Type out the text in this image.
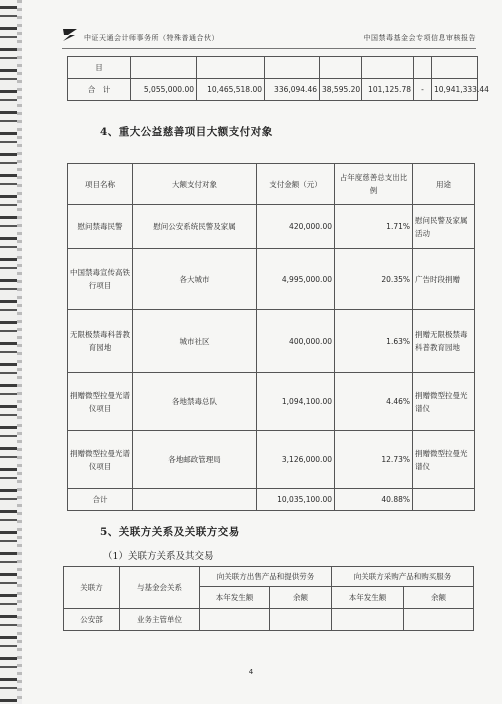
中证天通会计师事务所（特殊普通合伙）	中国禁毒基金会专项信息审核报告
目							
合　计	5,055,000.00	10,465,518.00	336,094.46	38,595.20	101,125.78	-	10,941,333.44
4、重大公益慈善项目大额支付对象
项目名称	大额支付对象	支付金额（元）	占年度慈善总支出比例	用途
慰问禁毒民警	慰问公安系统民警及家属	420,000.00	1.71%	慰问民警及家属活动
中国禁毒宣传高铁行项目	各大城市	4,995,000.00	20.35%	广告时段捐赠
无限极禁毒科普教育园地	城市社区	400,000.00	1.63%	捐赠无限极禁毒科普教育园地
捐赠微型拉曼光谱仪项目	各地禁毒总队	1,094,100.00	4.46%	捐赠微型拉曼光谱仪
捐赠微型拉曼光谱仪项目	各地邮政管理局	3,126,000.00	12.73%	捐赠微型拉曼光谱仪
合计		10,035,100.00	40.88%	
5、关联方关系及关联方交易
（1）关联方关系及其交易
关联方	与基金会关系	向关联方出售产品和提供劳务		向关联方采购产品和购买服务	
		本年发生额	余额	本年发生额	余额
公安部	业务主管单位				
4
